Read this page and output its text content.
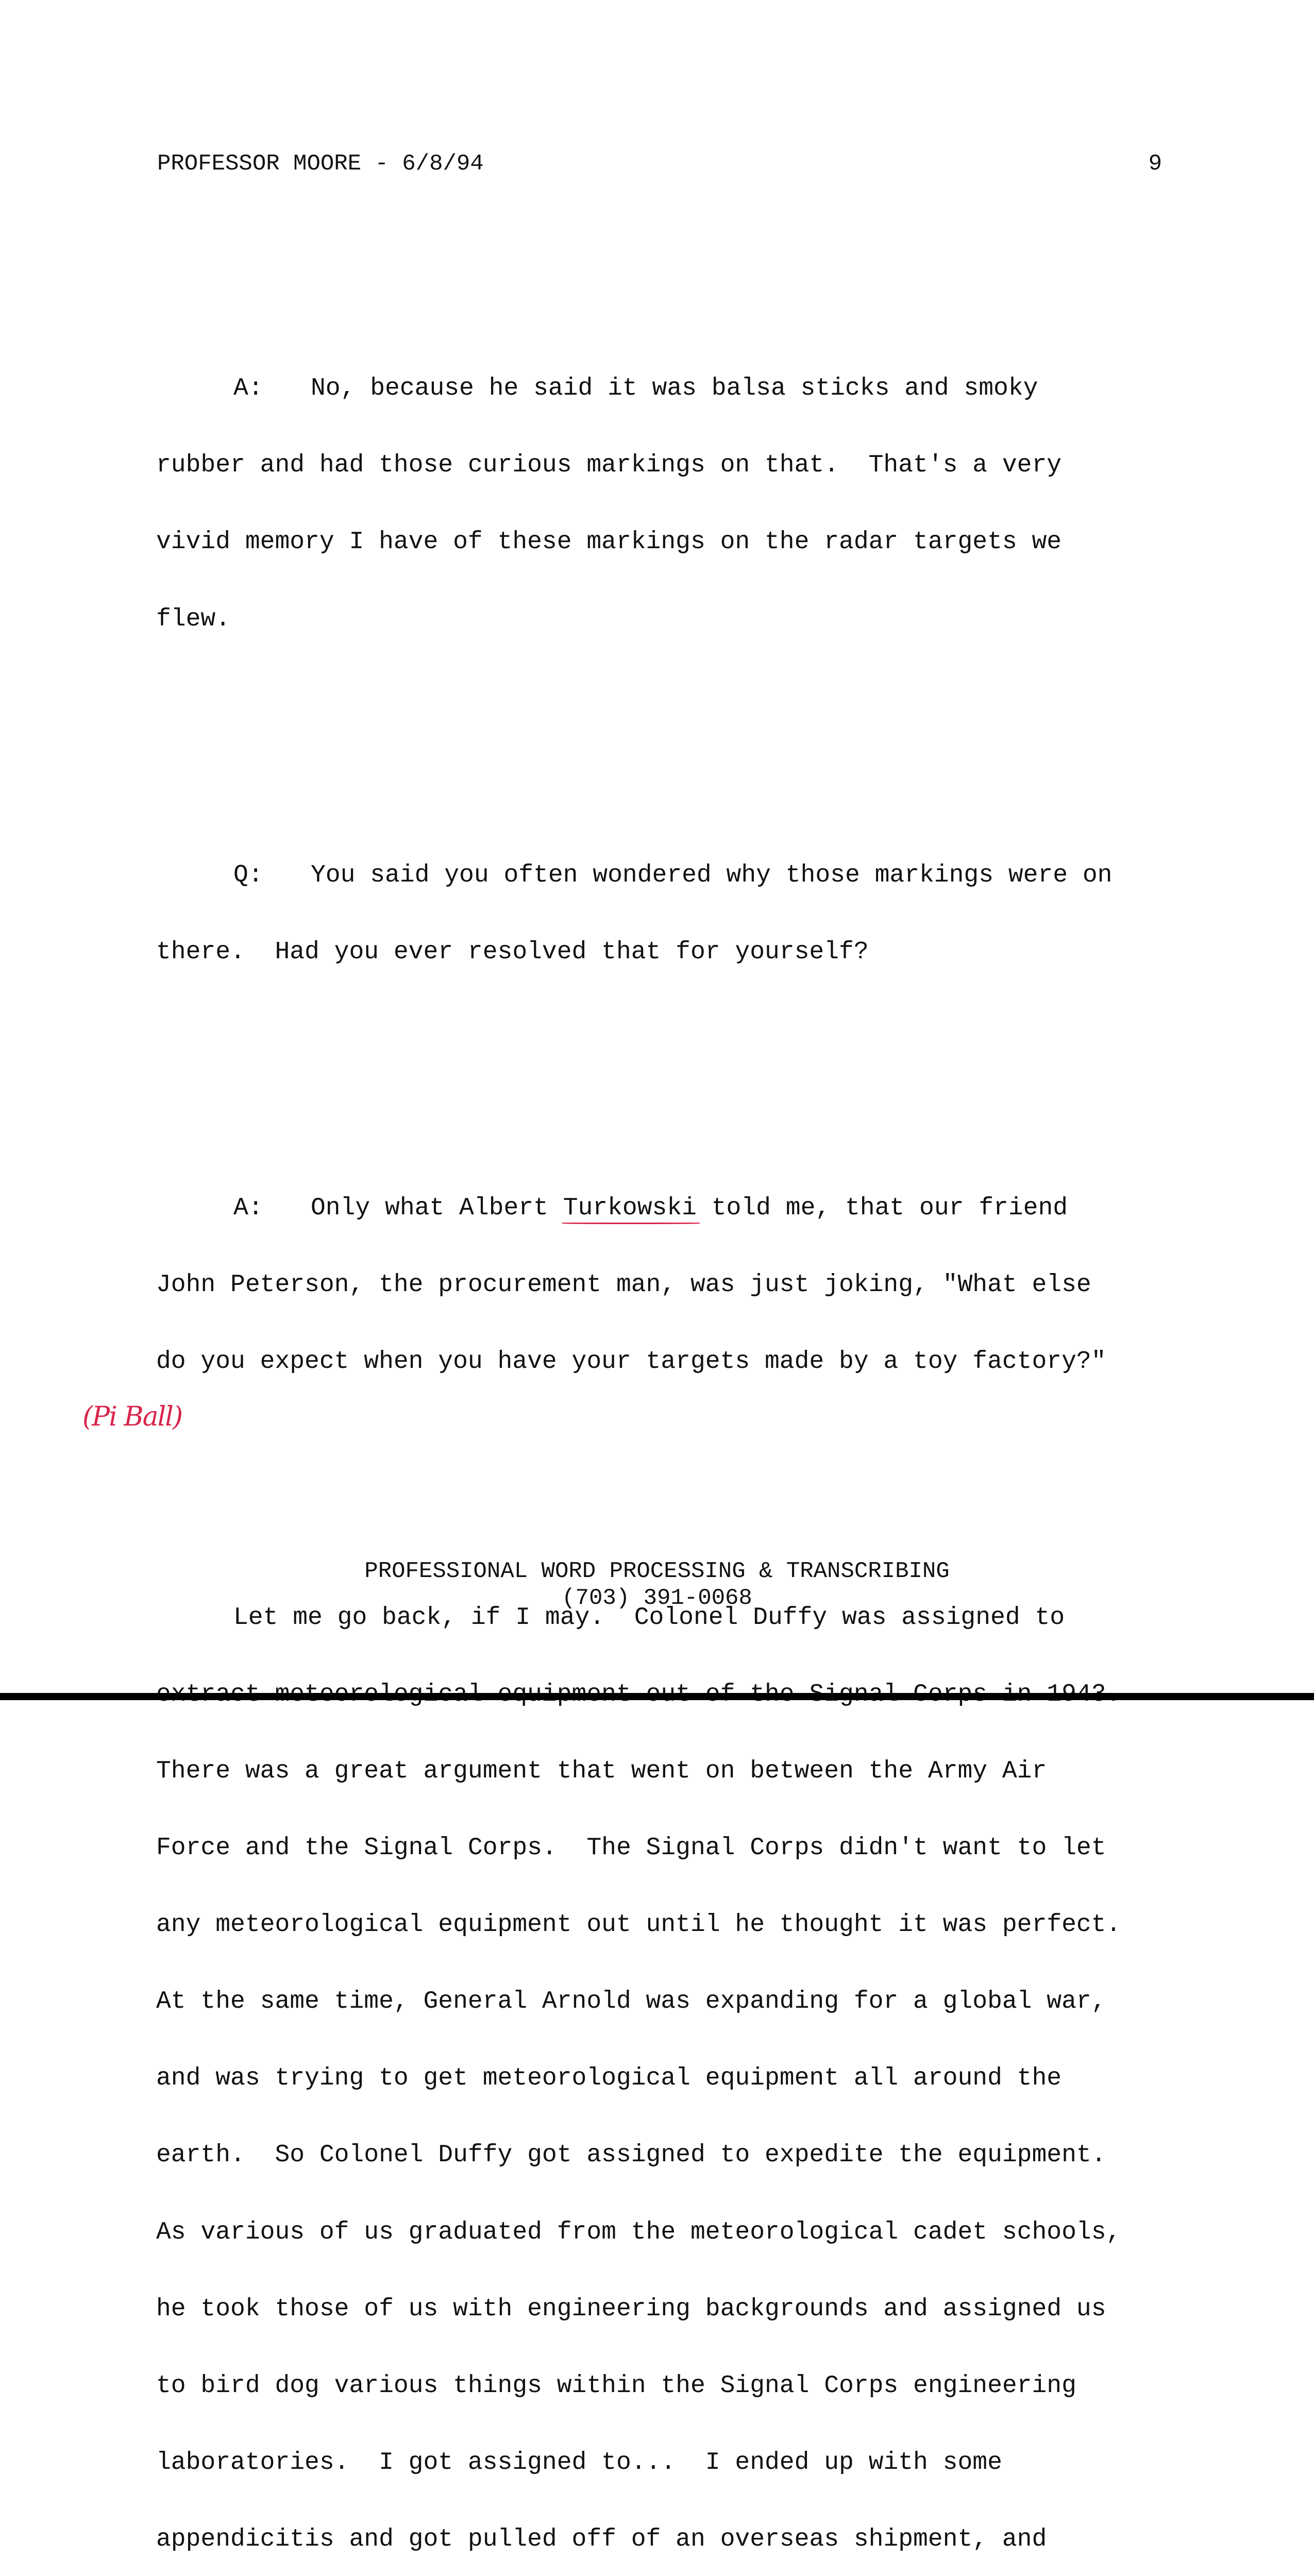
PROFESSOR MOORE - 6/8/94	9
(Pi Ball)

A: No, because he said it was balsa sticks and smoky

rubber and had those curious markings on that.  That's a very

vivid memory I have of these markings on the radar targets we

flew.

Q: You said you often wondered why those markings were on

there.  Had you ever resolved that for yourself?

A: Only what Albert Turkowski told me, that our friend

John Peterson, the procurement man, was just joking, "What else

do you expect when you have your targets made by a toy factory?"

Let me go back, if I may.  Colonel Duffy was assigned to

There was a great argument that went on between the Army Air

Force and the Signal Corps.  The Signal Corps didn't want to let

any meteorological equipment out until he thought it was perfect.

At the same time, General Arnold was expanding for a global war,

and was trying to get meteorological equipment all around the

earth.  So Colonel Duffy got assigned to expedite the equipment.

As various of us graduated from the meteorological cadet schools,

he took those of us with engineering backgrounds and assigned us

to bird dog various things within the Signal Corps engineering

laboratories.  I got assigned to...  I ended up with some

appendicitis and got pulled off of an overseas shipment, and

PROFESSIONAL WORD PROCESSING & TRANSCRIBING
(703) 391-0068
